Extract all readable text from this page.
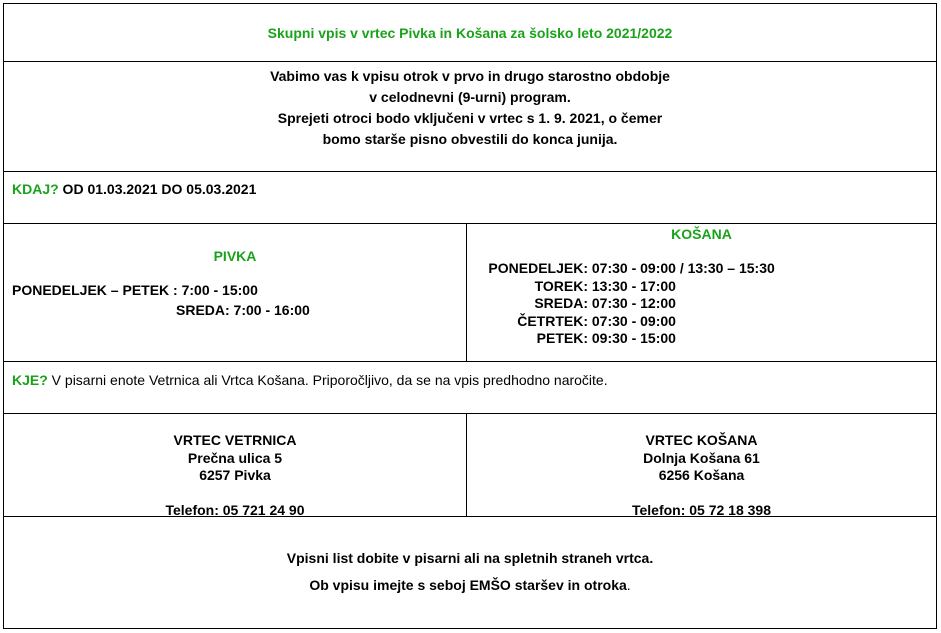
Skupni vpis v vrtec Pivka in Košana za šolsko leto 2021/2022
Vabimo vas k vpisu otrok v prvo in drugo starostno obdobje
v celodnevni (9-urni) program.
Sprejeti otroci bodo vključeni v vrtec s 1. 9. 2021, o čemer
bomo starše pisno obvestili do konca junija.
KDAJ? OD 01.03.2021 DO 05.03.2021
PIVKA
PONEDELJEK – PETEK : 7:00 - 15:00
SREDA: 7:00 - 16:00
KOŠANA
PONEDELJEK: 07:30 - 09:00 / 13:30 – 15:30
TOREK: 13:30 - 17:00
SREDA: 07:30 - 12:00
ČETRTEK: 07:30 - 09:00
PETEK: 09:30 - 15:00
KJE? V pisarni enote Vetrnica ali Vrtca Košana. Priporočljivo, da se na vpis predhodno naročite.
VRTEC VETRNICA
Prečna ulica 5
6257 Pivka
Telefon: 05 721 24 90
VRTEC KOŠANA
Dolnja Košana 61
6256 Košana
Telefon: 05 72 18 398
Vpisni list dobite v pisarni ali na spletnih straneh vrtca.
Ob vpisu imejte s seboj EMŠO staršev in otroka.
